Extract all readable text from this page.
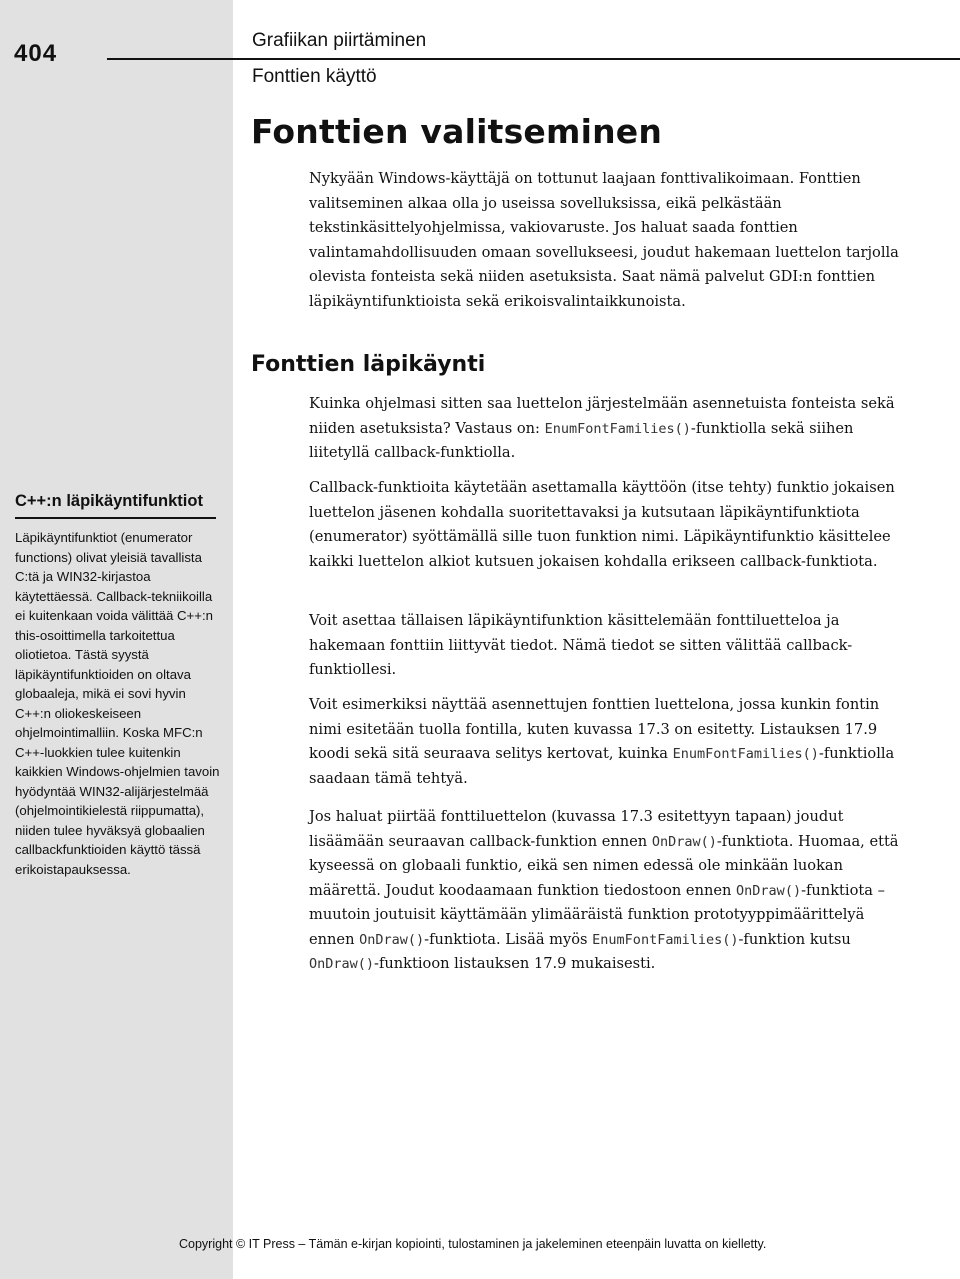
404	Grafiikan piirtäminen
Fonttien käyttö
Fonttien valitseminen

Nykyään Windows-käyttäjä on tottunut laajaan fonttivalikoimaan. Fonttien valitseminen alkaa olla jo useissa sovelluksissa, eikä pelkästään tekstinkäsittelyohjelmissa, vakiovaruste. Jos haluat saada fonttien valintamahdollisuuden omaan sovellukseesi, joudut hakemaan luettelon tarjolla olevista fonteista sekä niiden asetuksista. Saat nämä palvelut GDI:n fonttien läpikäyntifunktioista sekä erikoisvalintaikkunoista.

Fonttien läpikäynti

Kuinka ohjelmasi sitten saa luettelon järjestelmään asennetuista fonteista sekä niiden asetuksista? Vastaus on: EnumFontFamilies()-funktiolla sekä siihen liitetyllä callback-funktiolla.

Callback-funktioita käytetään asettamalla käyttöön (itse tehty) funktio jokaisen luettelon jäsenen kohdalla suoritettavaksi ja kutsutaan läpikäyntifunktiota (enumerator) syöttämällä sille tuon funktion nimi. Läpikäyntifunktio käsittelee kaikki luettelon alkiot kutsuen jokaisen kohdalla erikseen callback-funktiota.

Voit asettaa tällaisen läpikäyntifunktion käsittelemään fonttiluetteloa ja hakemaan fonttiin liittyvät tiedot. Nämä tiedot se sitten välittää callback-funktiollesi.

Voit esimerkiksi näyttää asennettujen fonttien luettelona, jossa kunkin fontin nimi esitetään tuolla fontilla, kuten kuvassa 17.3 on esitetty. Listauksen 17.9 koodi sekä sitä seuraava selitys kertovat, kuinka EnumFontFamilies()-funktiolla saadaan tämä tehtyä.

Jos haluat piirtää fonttiluettelon (kuvassa 17.3 esitettyyn tapaan) joudut lisäämään seuraavan callback-funktion ennen OnDraw()-funktiota. Huomaa, että kyseessä on globaali funktio, eikä sen nimen edessä ole minkään luokan määrettä. Joudut koodaamaan funktion tiedostoon ennen OnDraw()-funktiota – muutoin joutuisit käyttämään ylimääräistä funktion prototyyppimäärittelyä ennen OnDraw()-funktiota. Lisää myös EnumFontFamilies()-funktion kutsu OnDraw()-funktioon listauksen 17.9 mukaisesti.

C++:n läpikäyntifunktiot

Läpikäyntifunktiot (enumerator functions) olivat yleisiä tavallista C:tä ja WIN32-kirjastoa käytettäessä. Callback-tekniikoilla ei kuitenkaan voida välittää C++:n this-osoittimella tarkoitettua oliotietoa. Tästä syystä läpikäyntifunktioiden on oltava globaaleja, mikä ei sovi hyvin C++:n oliokeskeiseen ohjelmointimalliin. Koska MFC:n C++-luokkien tulee kuitenkin kaikkien Windows-ohjelmien tavoin hyödyntää WIN32-alijärjestelmää (ohjelmointikielestä riippumatta), niiden tulee hyväksyä globaalien callbackfunktioiden käyttö tässä erikoistapauksessa.

Copyright © IT Press – Tämän e-kirjan kopiointi, tulostaminen ja jakeleminen eteenpäin luvatta on kielletty.
